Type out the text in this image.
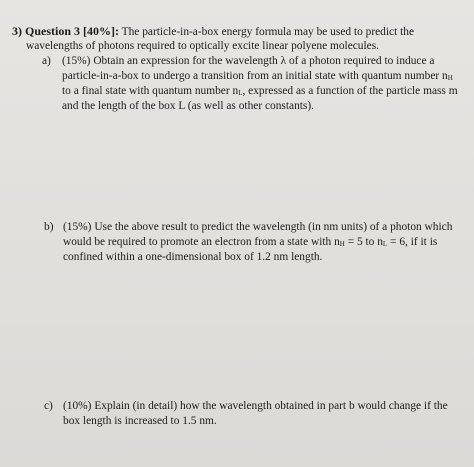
3) Question 3 [40%]: The particle-in-a-box energy formula may be used to predict the
wavelengths of photons required to optically excite linear polyene molecules.
a) (15%) Obtain an expression for the wavelength λ of a photon required to induce a
particle-in-a-box to undergo a transition from an initial state with quantum number $n_H$
to a final state with quantum number $n_L$, expressed as a function of the particle mass m
and the length of the box L (as well as other constants).
b) (15%) Use the above result to predict the wavelength (in nm units) of a photon which
would be required to promote an electron from a state with $n_H = 5$ to $n_L = 6$, if it is
confined within a one-dimensional box of 1.2 nm length.
c) (10%) Explain (in detail) how the wavelength obtained in part b would change if the
box length is increased to 1.5 nm.
